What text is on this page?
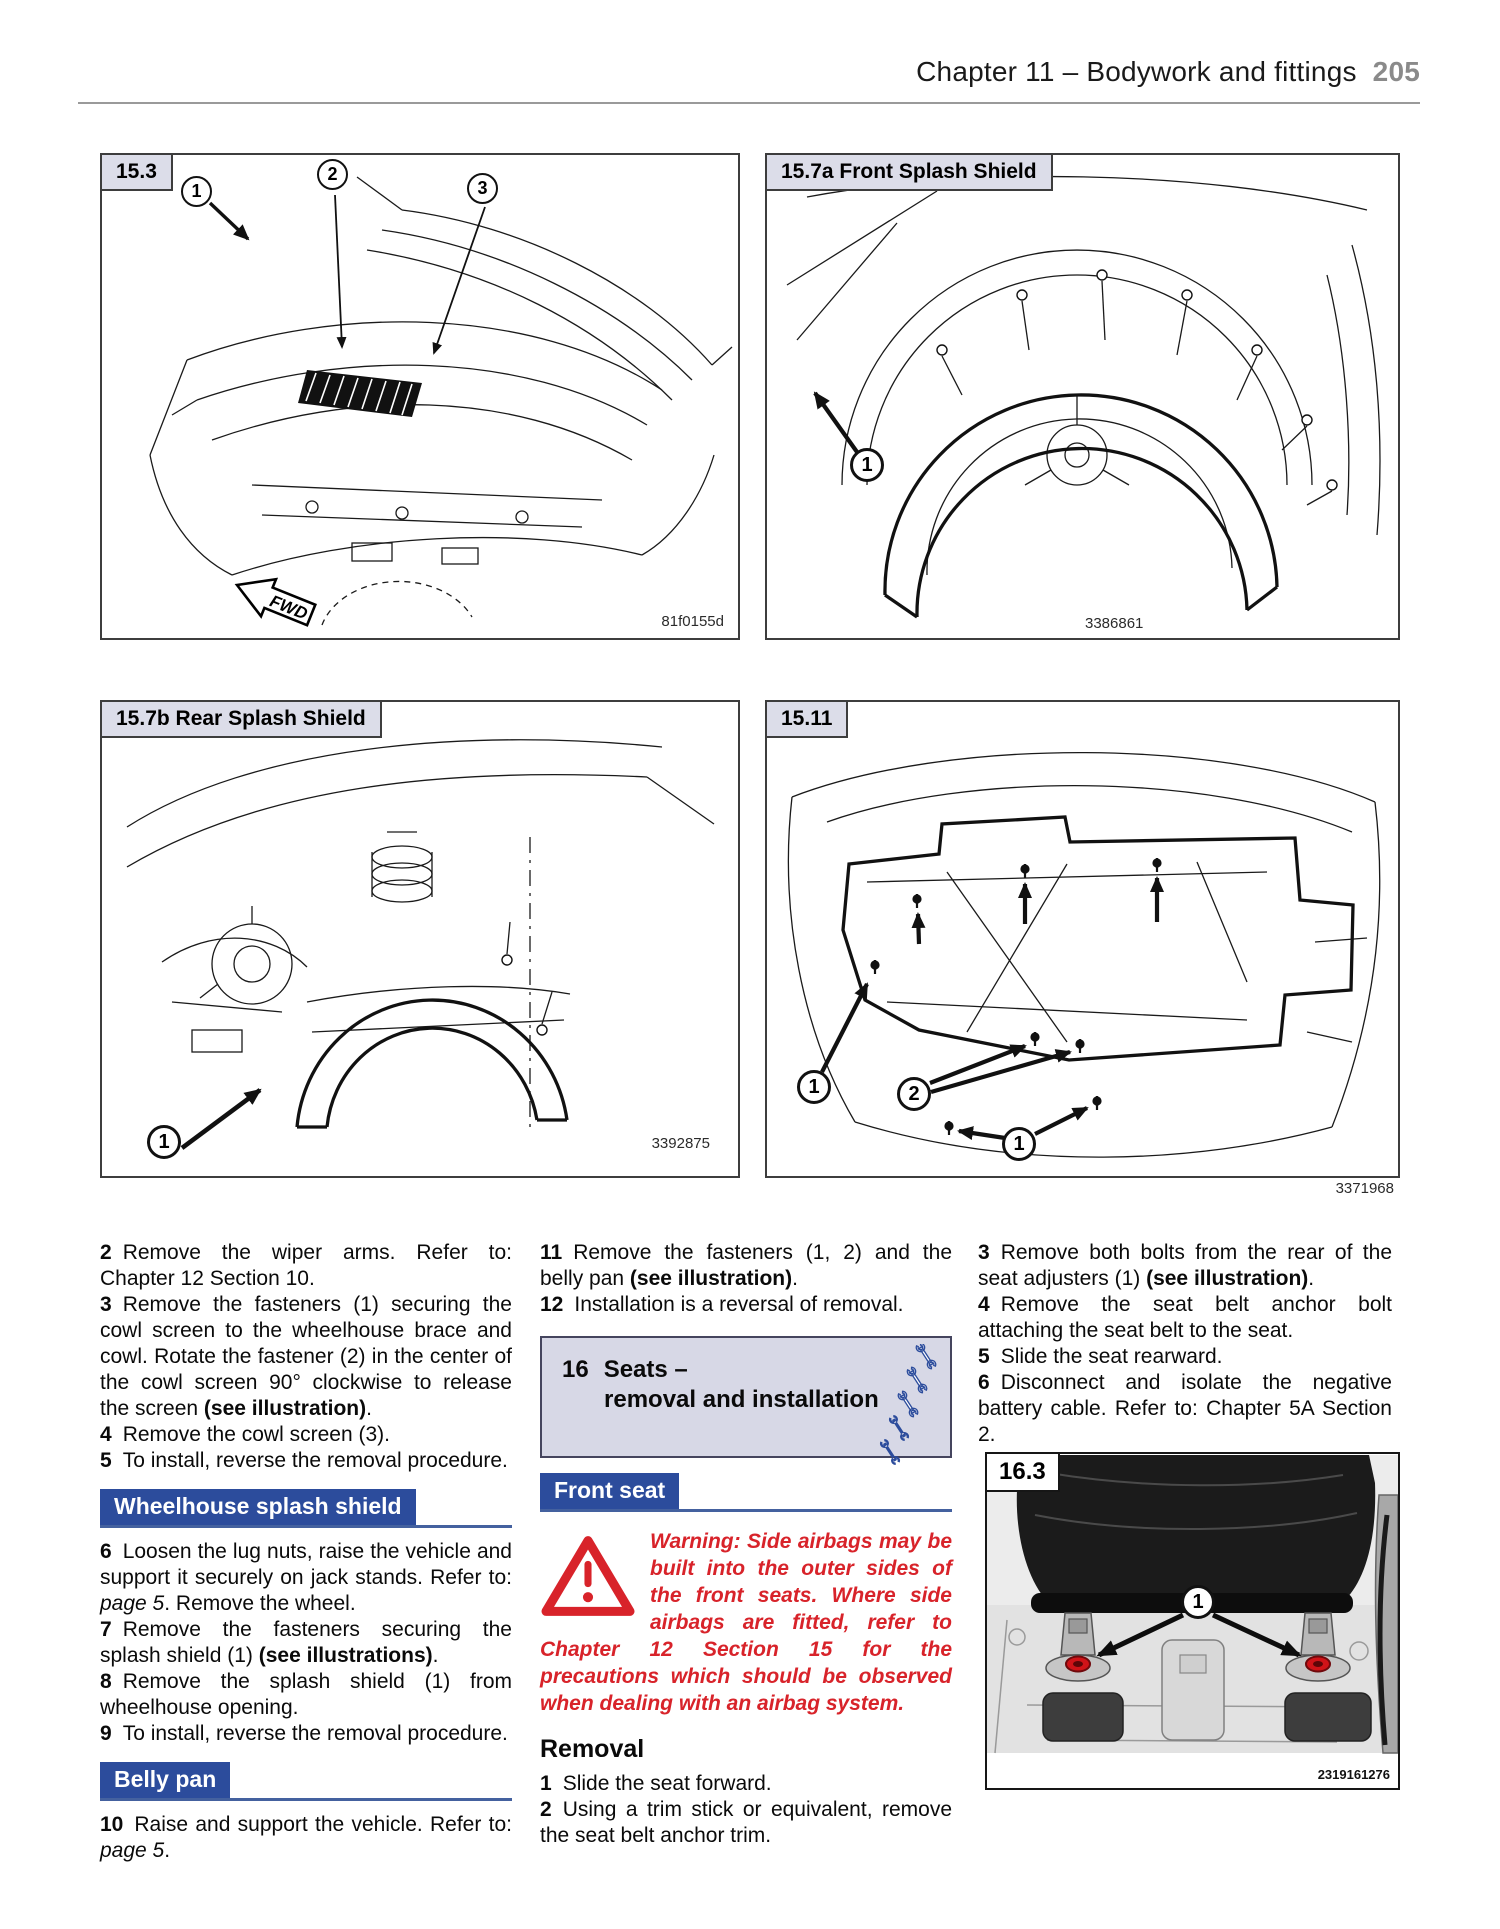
Chapter 11 – Bodywork and fittings 205
15.3
1
2
3
81f0155d
FWD
15.7a Front Splash Shield
1
3386861
15.7b Rear Splash Shield
1	3392875
15.11
1	2
1
3371968

2 Remove the wiper arms. Refer to: Chapter 12 Section 10.

3 Remove the fasteners (1) securing the cowl screen to the wheelhouse brace and cowl. Rotate the fastener (2) in the center of the cowl screen 90° clockwise to release the screen (see illustration).

4 Remove the cowl screen (3).

5 To install, reverse the removal procedure.

Wheelhouse splash shield

6 Loosen the lug nuts, raise the vehicle and support it securely on jack stands. Refer to: page 5. Remove the wheel.

7 Remove the fasteners securing the splash shield (1) (see illustrations).

8 Remove the splash shield (1) from wheelhouse opening.

9 To install, reverse the removal procedure.

Belly pan

10 Raise and support the vehicle. Refer to: page 5.

11 Remove the fasteners (1, 2) and the belly pan (see illustration).

12 Installation is a reversal of removal.

16 Seats –
removal and installation
Front seat
Warning: Side airbags may be built into the outer sides of the front seats. Where side airbags are fitted, refer to Chapter 12 Section 15 for the precautions which should be observed when dealing with an airbag system.
Removal

1 Slide the seat forward.

2 Using a trim stick or equivalent, remove the seat belt anchor trim.

3 Remove both bolts from the rear of the seat adjusters (1) (see illustration).

4 Remove the seat belt anchor bolt attaching the seat belt to the seat.

5 Slide the seat rearward.

6 Disconnect and isolate the negative battery cable. Refer to: Chapter 5A Section 2.

16.3
1
2319161276
